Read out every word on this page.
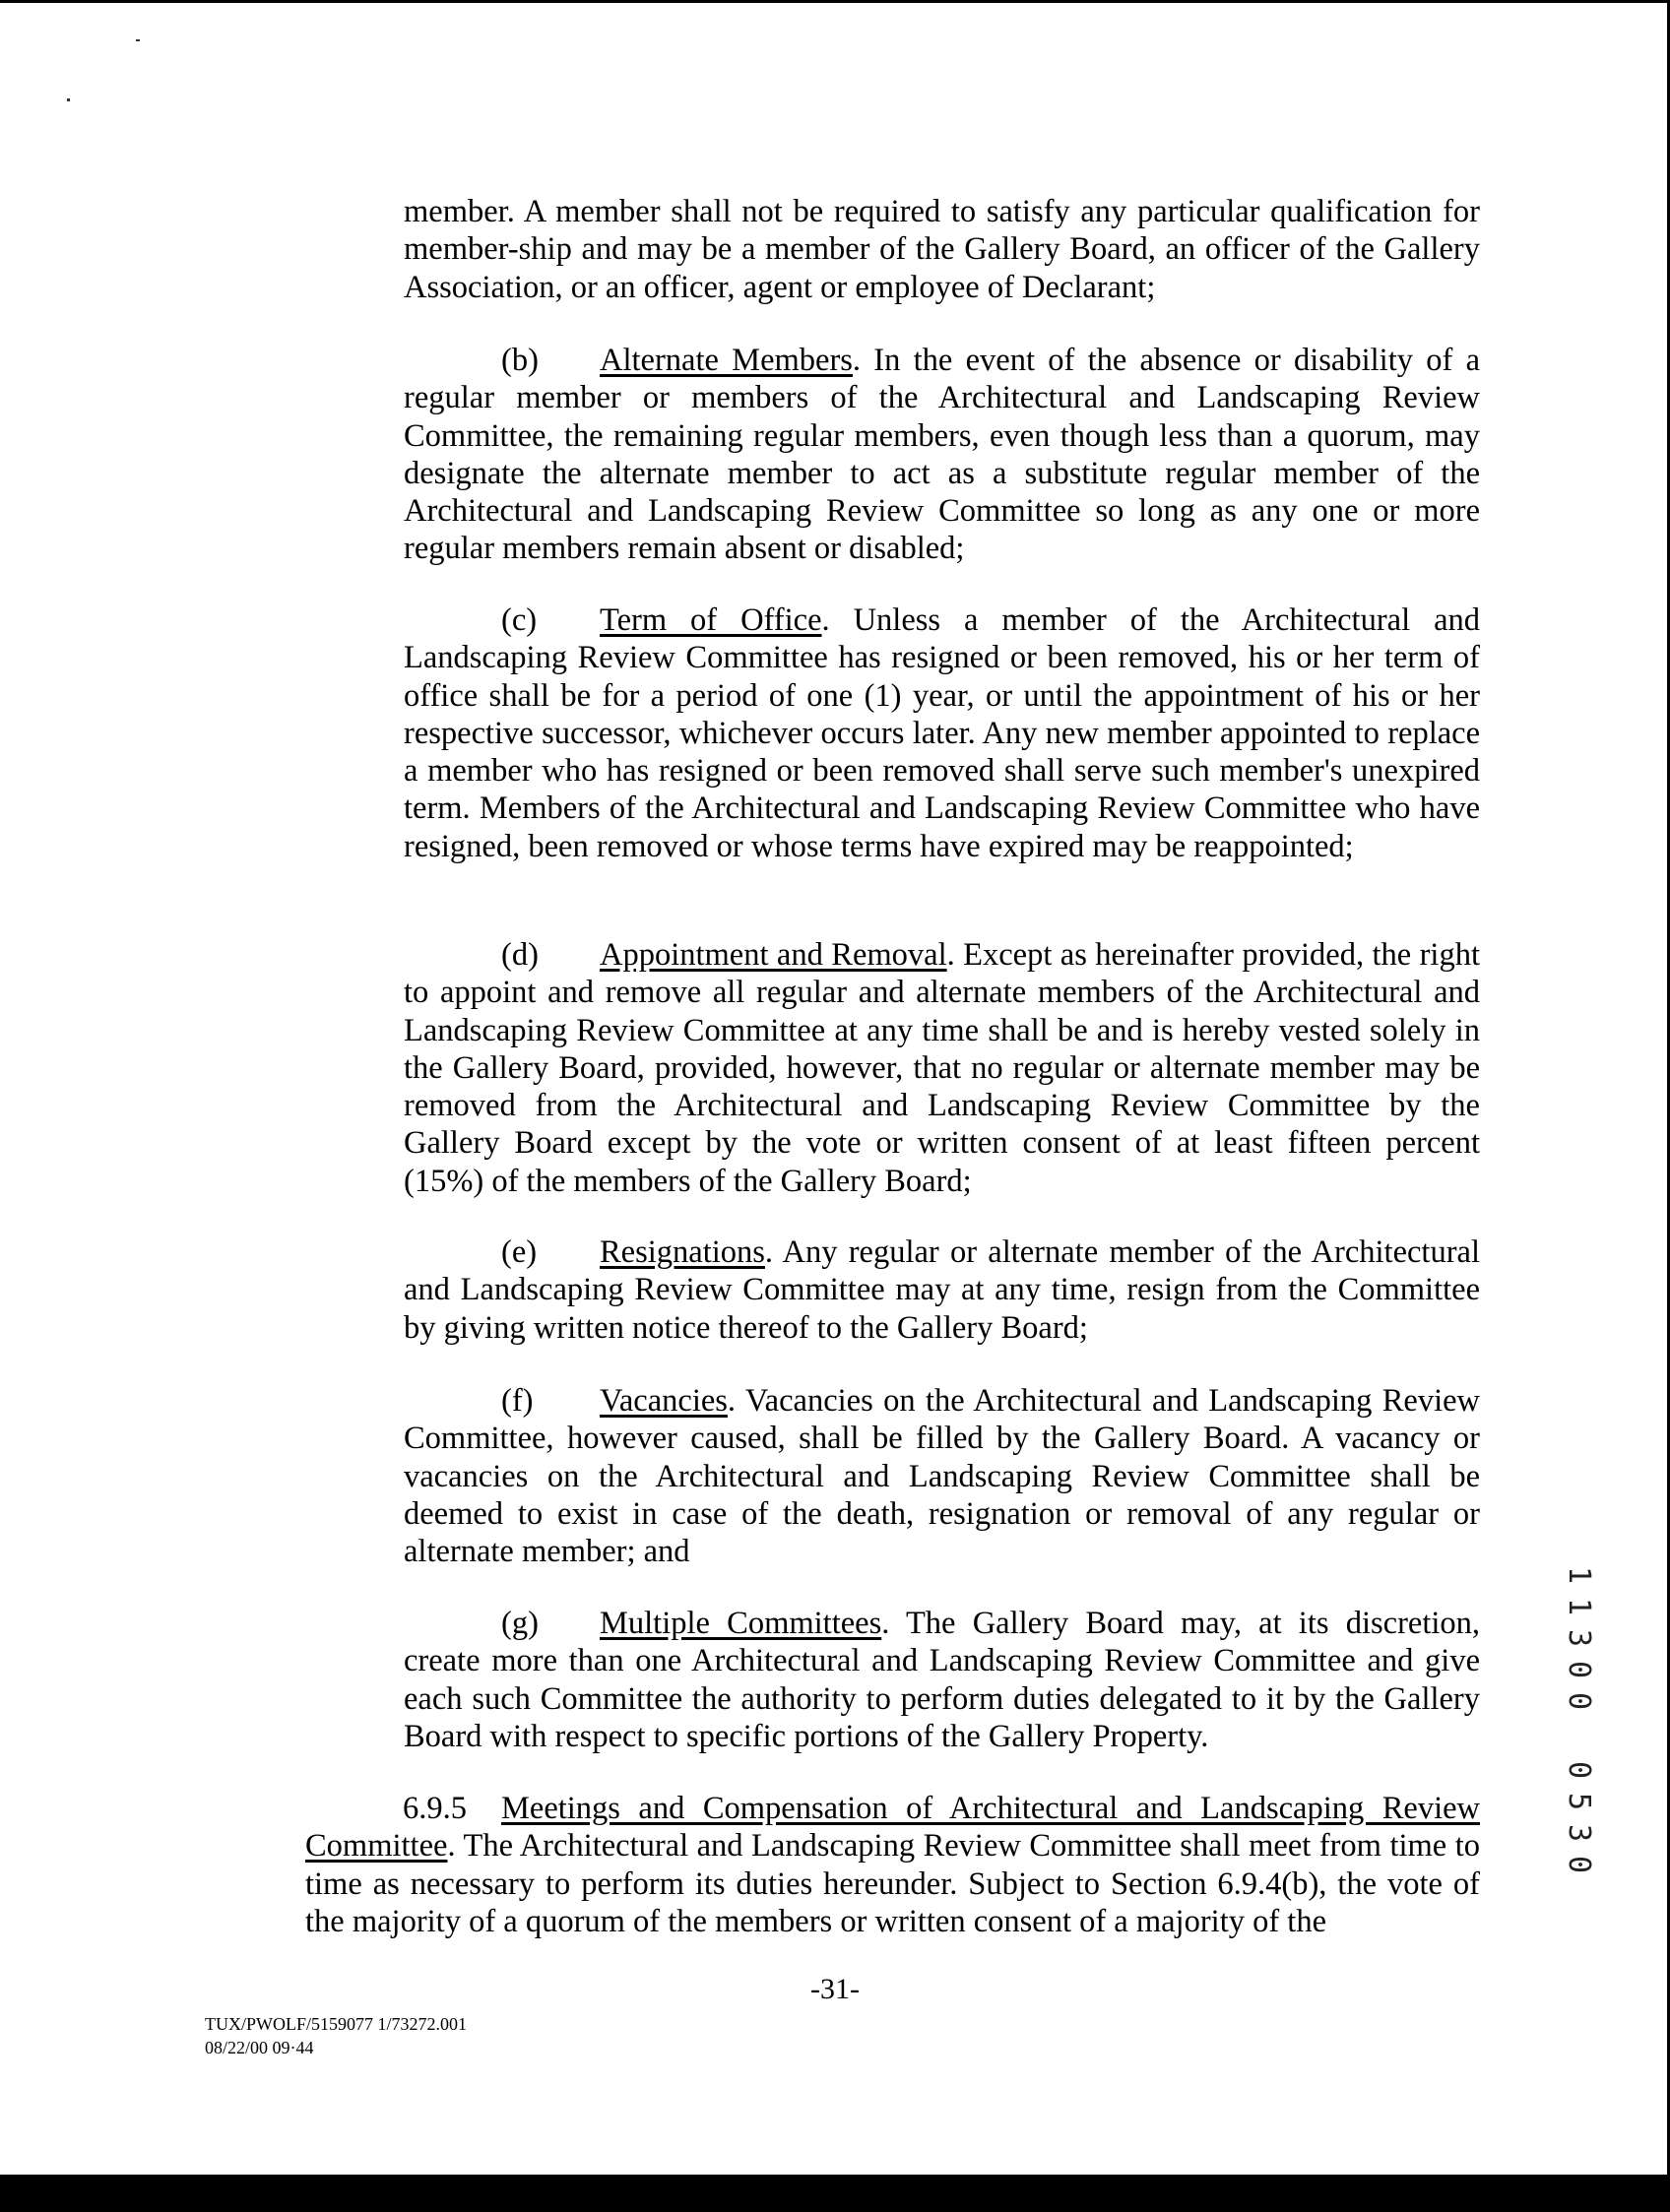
member. A member shall not be required to satisfy any particular qualification for member-ship and may be a member of the Gallery Board, an officer of the Gallery Association, or an officer, agent or employee of Declarant;

(b) Alternate Members. In the event of the absence or disability of a regular member or members of the Architectural and Landscaping Review Committee, the remaining regular members, even though less than a quorum, may designate the alternate member to act as a substitute regular member of the Architectural and Landscaping Review Committee so long as any one or more regular members remain absent or disabled;

(c) Term of Office. Unless a member of the Architectural and Landscaping Review Committee has resigned or been removed, his or her term of office shall be for a period of one (1) year, or until the appointment of his or her respective successor, whichever occurs later. Any new member appointed to replace a member who has resigned or been removed shall serve such member's unexpired term. Members of the Architectural and Landscaping Review Committee who have resigned, been removed or whose terms have expired may be reappointed;

(d) Appointment and Removal. Except as hereinafter provided, the right to appoint and remove all regular and alternate members of the Architectural and Landscaping Review Committee at any time shall be and is hereby vested solely in the Gallery Board, provided, however, that no regular or alternate member may be removed from the Architectural and Landscaping Review Committee by the Gallery Board except by the vote or written consent of at least fifteen percent (15%) of the members of the Gallery Board;

(e) Resignations. Any regular or alternate member of the Architectural and Landscaping Review Committee may at any time, resign from the Committee by giving written notice thereof to the Gallery Board;

(f) Vacancies. Vacancies on the Architectural and Landscaping Review Committee, however caused, shall be filled by the Gallery Board. A vacancy or vacancies on the Architectural and Landscaping Review Committee shall be deemed to exist in case of the death, resignation or removal of any regular or alternate member; and

(g) Multiple Committees. The Gallery Board may, at its discretion, create more than one Architectural and Landscaping Review Committee and give each such Committee the authority to perform duties delegated to it by the Gallery Board with respect to specific portions of the Gallery Property.

6.9.5 Meetings and Compensation of Architectural and Landscaping Review Committee. The Architectural and Landscaping Review Committee shall meet from time to time as necessary to perform its duties hereunder. Subject to Section 6.9.4(b), the vote of the majority of a quorum of the members or written consent of a majority of the

-31-

TUX/PWOLF/5159077 1/73272.001
08/22/00 09·44
1
1
3
0
0
0
5
3
0
